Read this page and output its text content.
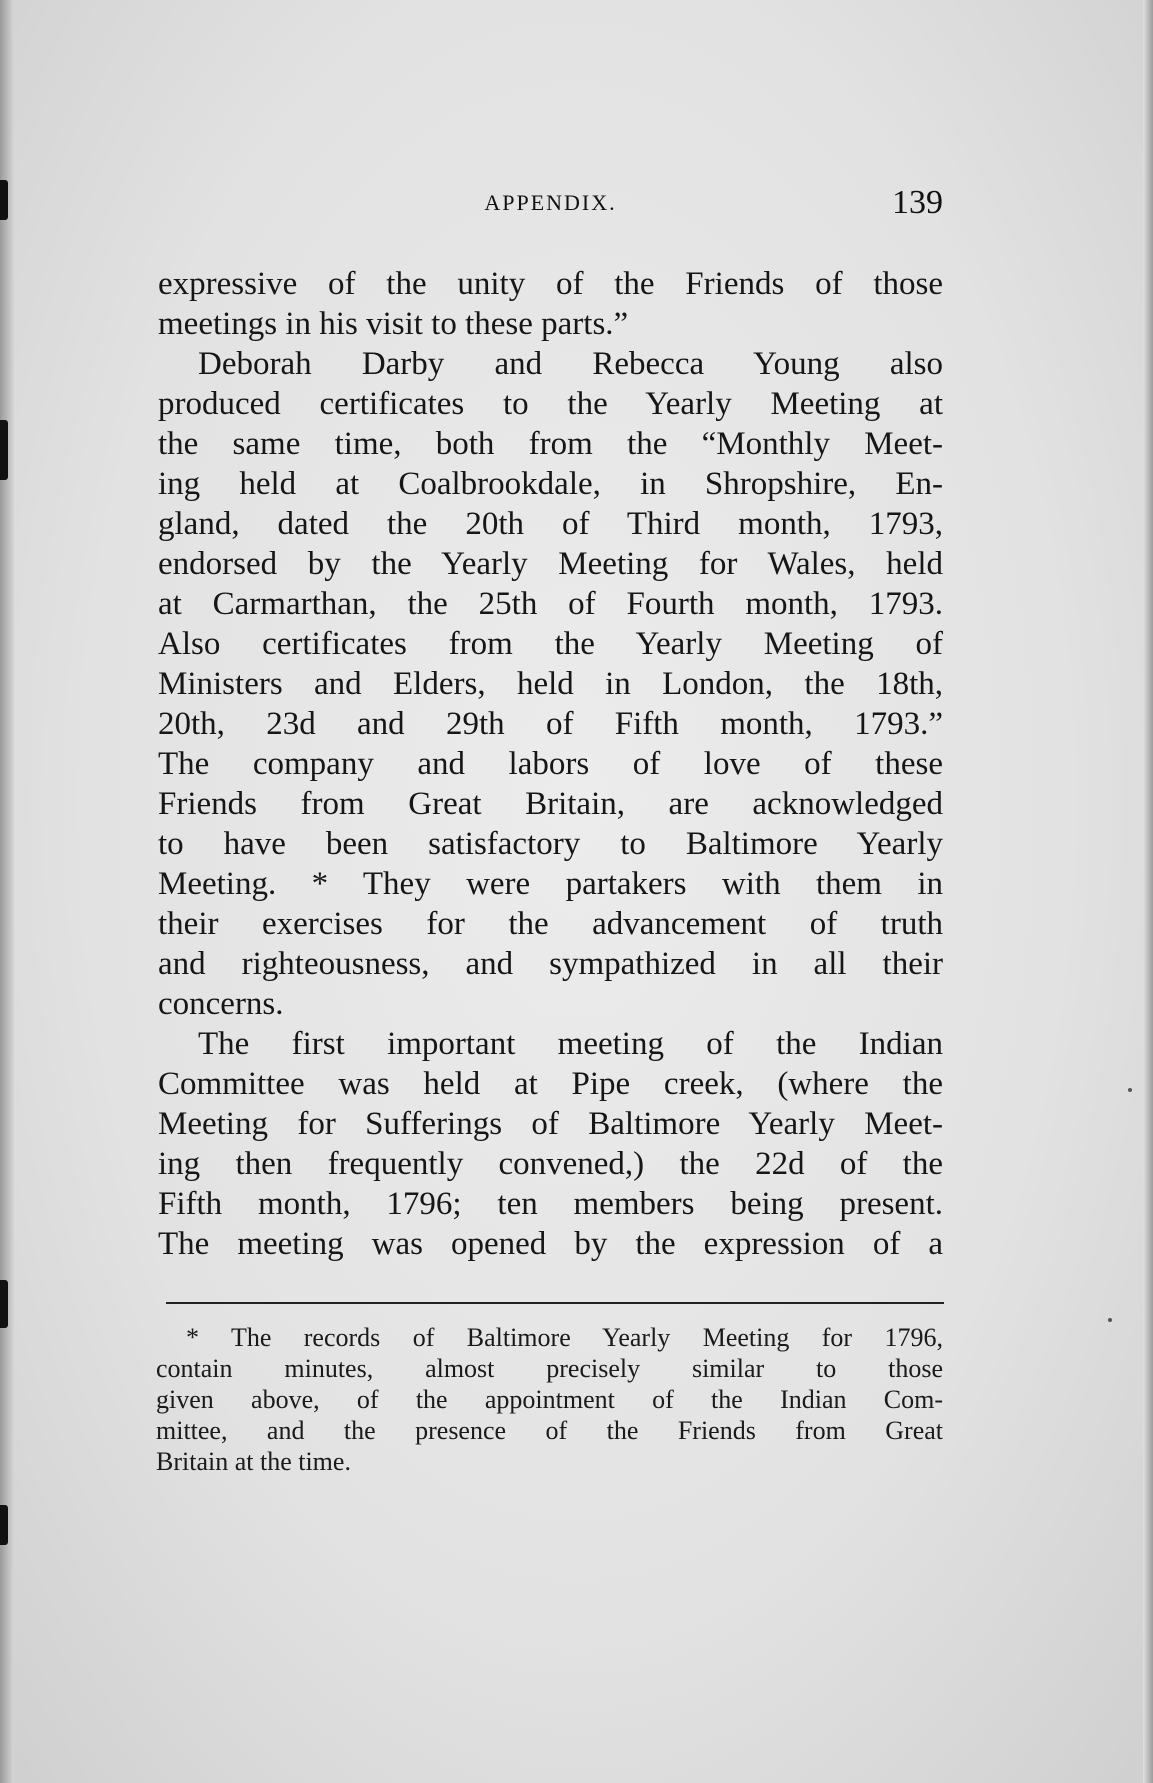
APPENDIX.	139
expressive of the unity of the Friends of those
meetings in his visit to these parts.”
Deborah Darby and Rebecca Young also
produced certificates to the Yearly Meeting at
the same time, both from the “Monthly Meet-
ing held at Coalbrookdale, in Shropshire, En-
gland, dated the 20th of Third month, 1793,
endorsed by the Yearly Meeting for Wales, held
at Carmarthan, the 25th of Fourth month, 1793.
Also certificates from the Yearly Meeting of
Ministers and Elders, held in London, the 18th,
20th, 23d and 29th of Fifth month, 1793.”
The company and labors of love of these
Friends from Great Britain, are acknowledged
to have been satisfactory to Baltimore Yearly
Meeting. * They were partakers with them in
their exercises for the advancement of truth
and righteousness, and sympathized in all their
concerns.
The first important meeting of the Indian
Committee was held at Pipe creek, (where the
Meeting for Sufferings of Baltimore Yearly Meet-
ing then frequently convened,) the 22d of the
Fifth month, 1796; ten members being present.
The meeting was opened by the expression of a
* The records of Baltimore Yearly Meeting for 1796,
contain minutes, almost precisely similar to those
given above, of the appointment of the Indian Com-
mittee, and the presence of the Friends from Great
Britain at the time.
